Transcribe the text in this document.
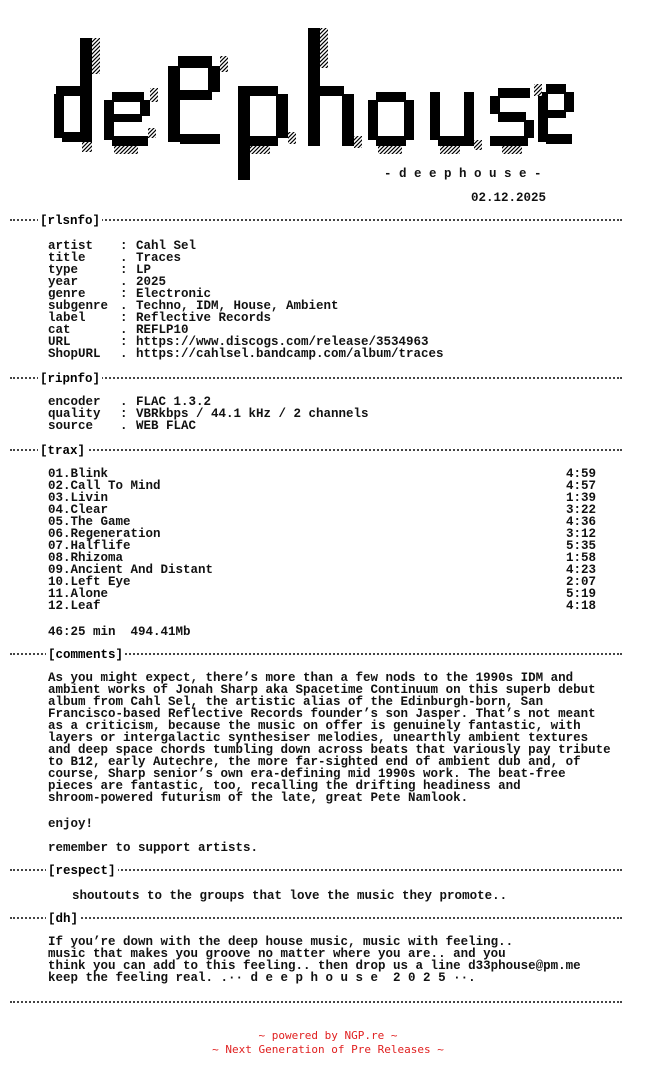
- d e e p h o u s e -
02.12.2025
[rlsnfo]
artist : Cahl Sel
title	. Traces
type	: LP
year	. 2025
genre	: Electronic
subgenre . Techno, IDM, House, Ambient
label	: Reflective Records
cat	. REFLP10
URL	: https://www.discogs.com/release/3534963
ShopURL . https://cahlsel.bandcamp.com/album/traces
[ripnfo]
encoder . FLAC 1.3.2
quality : VBRkbps / 44.1 kHz / 2 channels
source . WEB FLAC
[trax]
01.Blink	4:59
02.Call To Mind	4:57
03.Livin	1:39
04.Clear	3:22
05.The Game	4:36
06.Regeneration	3:12
07.Halflife	5:35
08.Rhizoma	1:58
09.Ancient And Distant	4:23
10.Left Eye	2:07
11.Alone	5:19
12.Leaf	4:18
46:25 min  494.41Mb
[comments]
As you might expect, there’s more than a few nods to the 1990s IDM and
ambient works of Jonah Sharp aka Spacetime Continuum on this superb debut
album from Cahl Sel, the artistic alias of the Edinburgh-born, San
Francisco-based Reflective Records founder’s son Jasper. That’s not meant
as a criticism, because the music on offer is genuinely fantastic, with
layers or intergalactic synthesiser melodies, unearthly ambient textures
and deep space chords tumbling down across beats that variously pay tribute
to B12, early Autechre, the more far-sighted end of ambient dub and, of
course, Sharp senior’s own era-defining mid 1990s work. The beat-free
pieces are fantastic, too, recalling the drifting headiness and
shroom-powered futurism of the late, great Pete Namlook.
enjoy!
remember to support artists.
[respect]
shoutouts to the groups that love the music they promote..
[dh]
If you’re down with the deep house music, music with feeling..
music that makes you groove no matter where you are.. and you
think you can add to this feeling.. then drop us a line d33phouse@pm.me
keep the feeling real. .·· d e e p h o u s e  2 0 2 5 ··.
~ powered by NGP.re ~
~ Next Generation of Pre Releases ~
